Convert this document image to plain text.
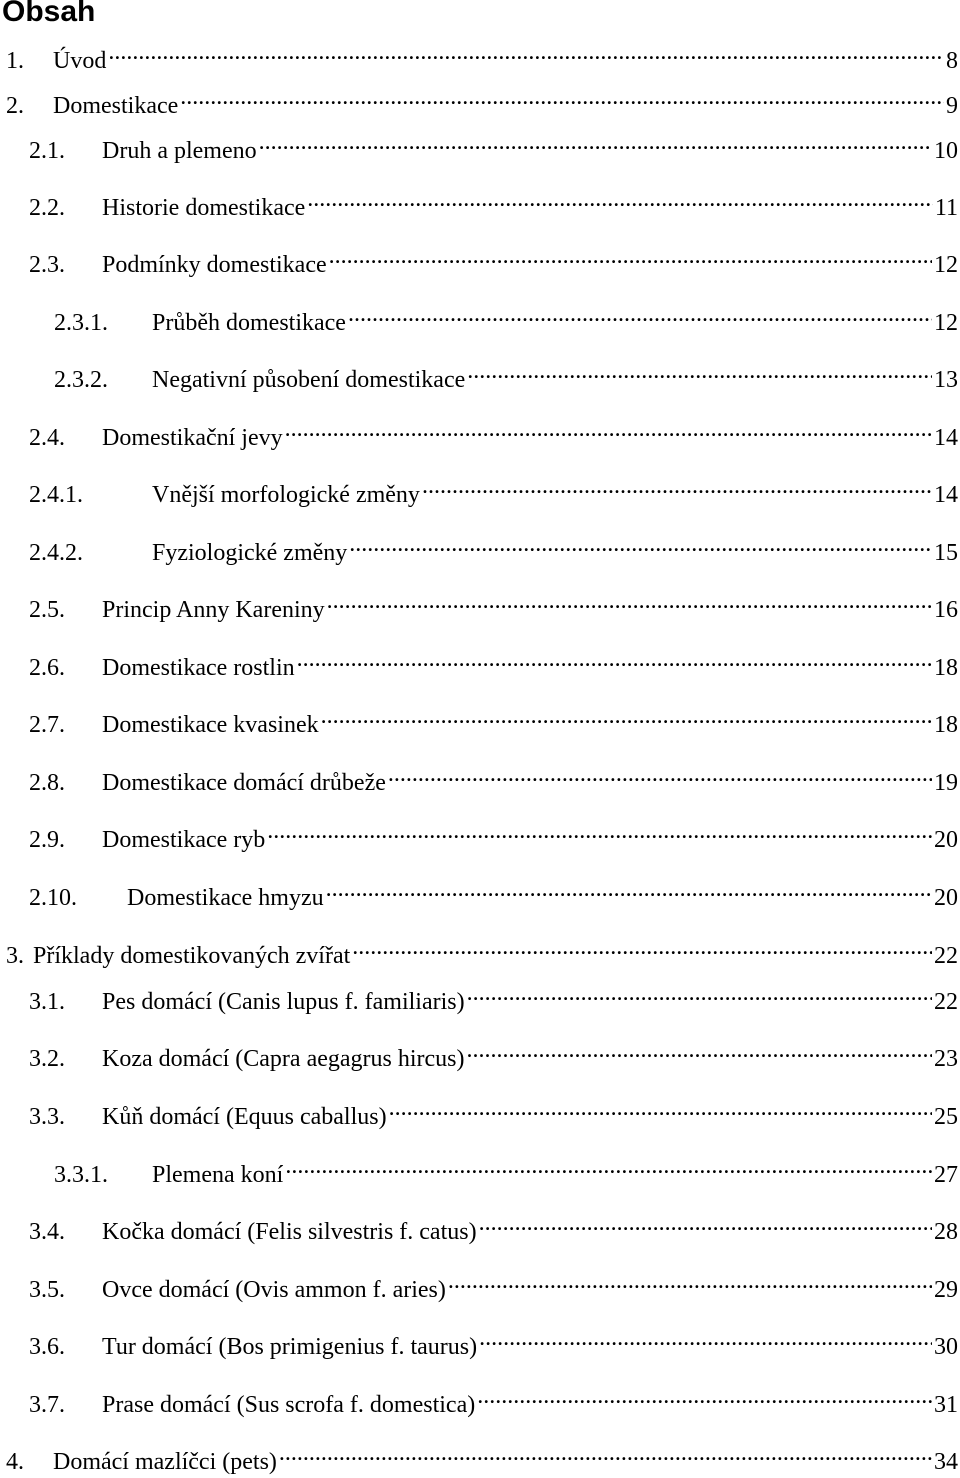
Obsah
1.	Úvod .....	8
2.	Domestikace .....	9
2.1.	Druh a plemeno .....	10
2.2.	Historie domestikace .....	11
2.3.	Podmínky domestikace .....	12
2.3.1.	Průběh domestikace .....	12
2.3.2.	Negativní působení domestikace .....	13
2.4.	Domestikační jevy .....	14
2.4.1.	Vnější morfologické změny .....	14
2.4.2.	Fyziologické změny .....	15
2.5.	Princip Anny Kareniny .....	16
2.6.	Domestikace rostlin .....	18
2.7.	Domestikace kvasinek .....	18
2.8.	Domestikace domácí drůbeže .....	19
2.9.	Domestikace ryb .....	20
2.10.	Domestikace hmyzu .....	20
3. Příklady domestikovaných zvířat .....	22
3.1.	Pes domácí (Canis lupus f. familiaris) .....	22
3.2.	Koza domácí (Capra aegagrus hircus) .....	23
3.3.	Kůň domácí (Equus caballus) .....	25
3.3.1.	Plemena koní .....	27
3.4.	Kočka domácí (Felis silvestris f. catus) .....	28
3.5.	Ovce domácí (Ovis ammon f. aries) .....	29
3.6.	Tur domácí (Bos primigenius f. taurus) .....	30
3.7.	Prase domácí (Sus scrofa f. domestica) .....	31
4.	Domácí mazlíčci (pets) .....	34
